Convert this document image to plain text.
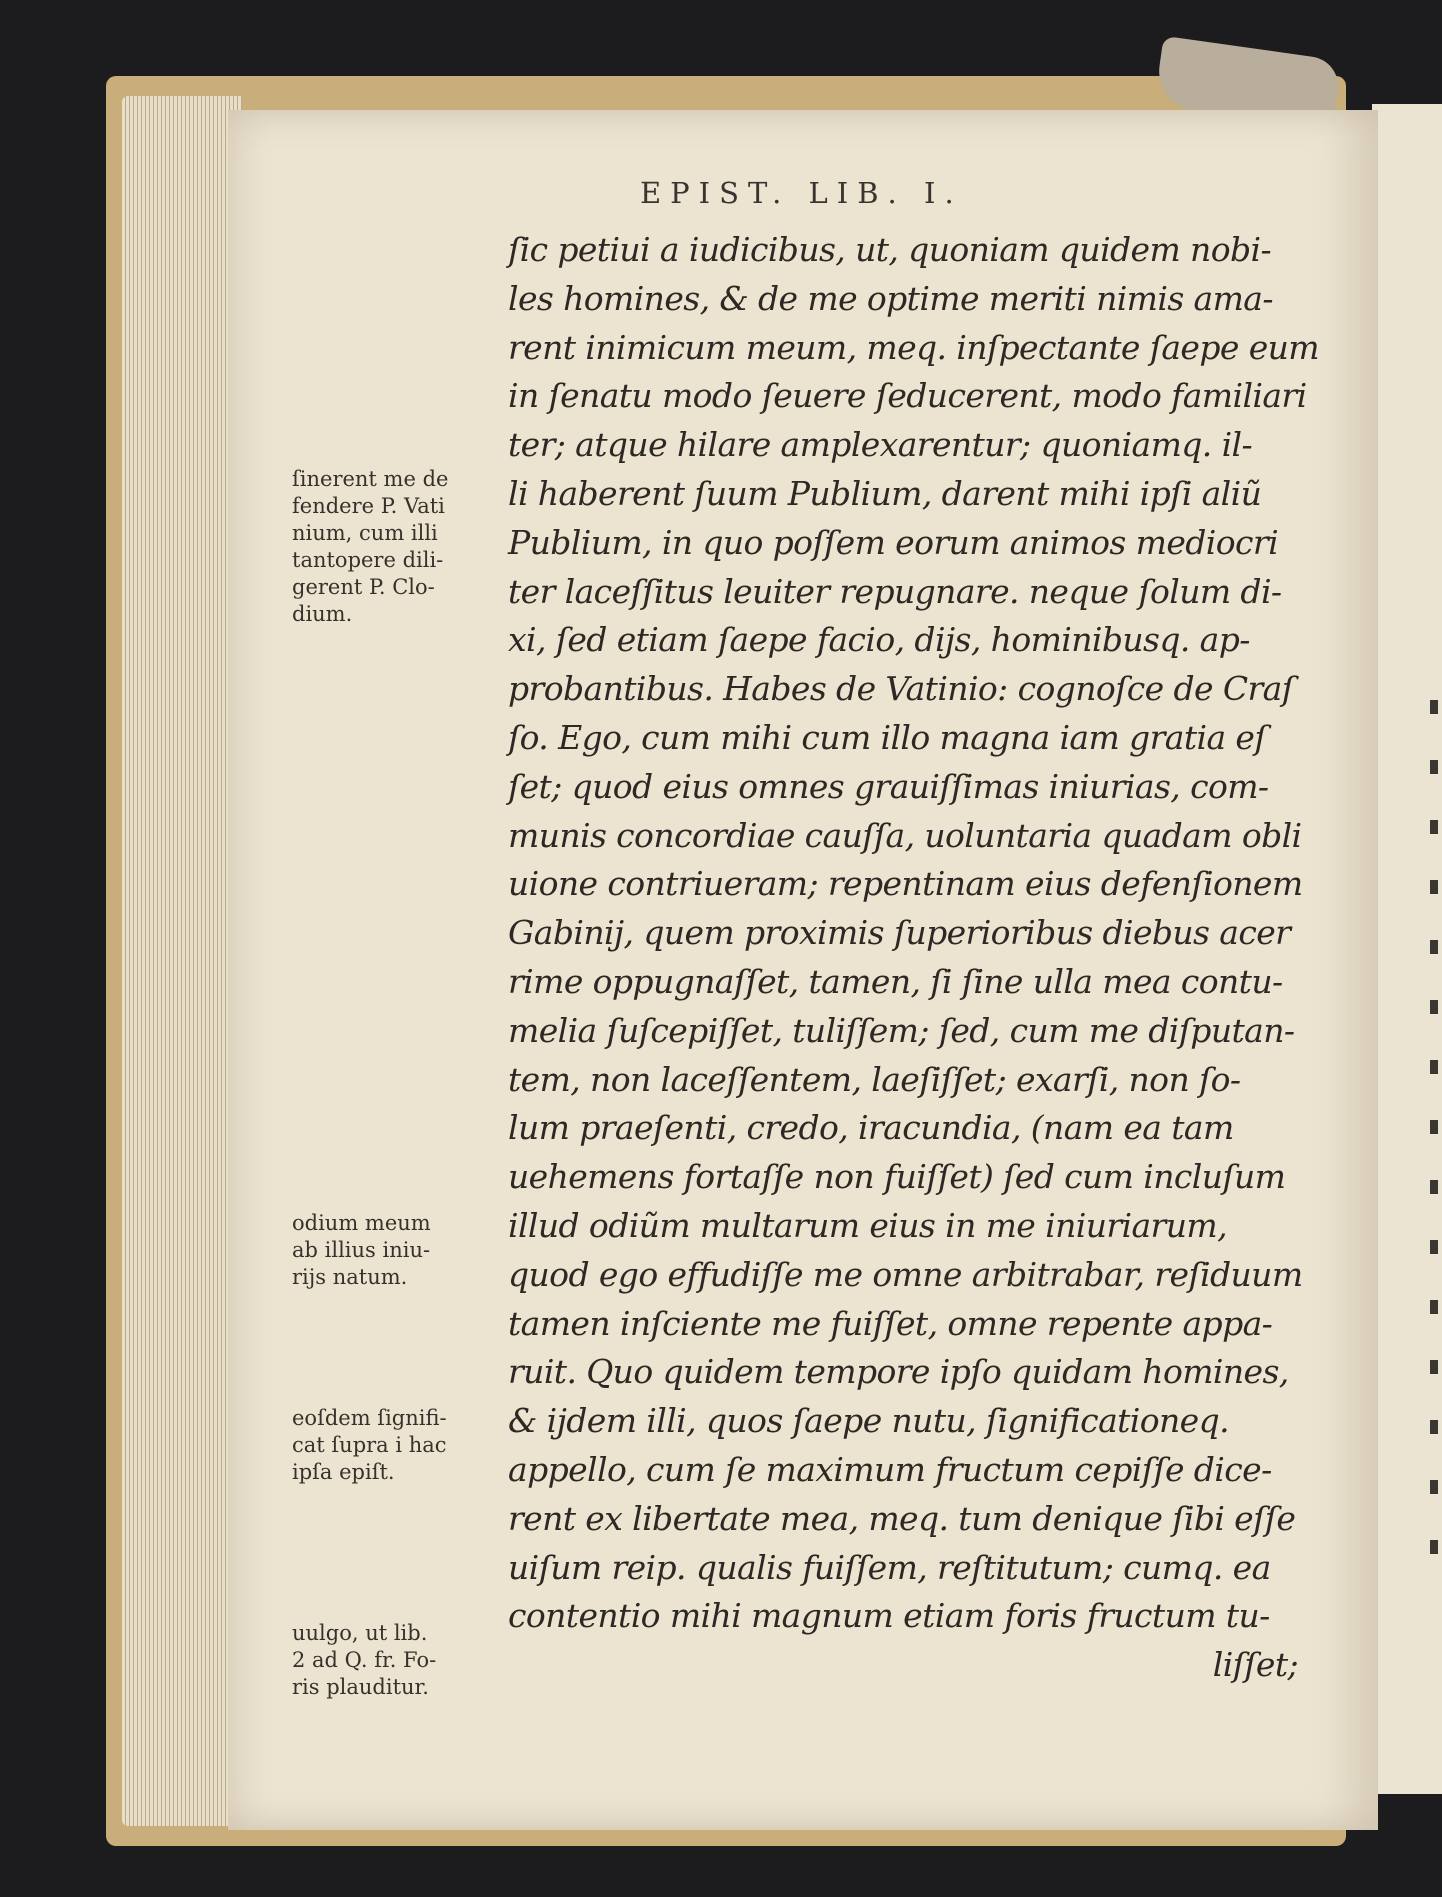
EPIST. LIB. I.
ſic petiui a iudicibus, ut, quoniam quidem nobi-
les homines, & de me optime meriti nimis ama-
rent inimicum meum, meq. inſpectante ſaepe eum
in ſenatu modo ſeuere ſeducerent, modo familiari
ter; atque hilare amplexarentur; quoniamq. il-
li haberent ſuum Publium, darent mihi ipſi aliũ
Publium, in quo poſſem eorum animos mediocri
ter laceſſitus leuiter repugnare. neque ſolum di-
xi, ſed etiam ſaepe facio, dijs, hominibusq. ap-
probantibus. Habes de Vatinio: cognoſce de Craſ
ſo. Ego, cum mihi cum illo magna iam gratia eſ
ſet; quod eius omnes grauiſſimas iniurias, com-
munis concordiae cauſſa, uoluntaria quadam obli
uione contriueram; repentinam eius defenſionem
Gabinij, quem proximis ſuperioribus diebus acer
rime oppugnaſſet, tamen, ſi ſine ulla mea contu-
melia ſuſcepiſſet, tuliſſem; ſed, cum me diſputan-
tem, non laceſſentem, laeſiſſet; exarſi, non ſo-
lum praeſenti, credo, iracundia, (nam ea tam
uehemens fortaſſe non fuiſſet) ſed cum incluſum
illud odiũm multarum eius in me iniuriarum,
quod ego effudiſſe me omne arbitrabar, reſiduum
tamen inſciente me fuiſſet, omne repente appa-
ruit. Quo quidem tempore ipſo quidam homines,
& ijdem illi, quos ſaepe nutu, ſignificationeq.
appello, cum ſe maximum fructum cepiſſe dice-
rent ex libertate mea, meq. tum denique ſibi eſſe
uiſum reip. qualis fuiſſem, reſtitutum; cumq. ea
contentio mihi magnum etiam foris fructum tu-
liſſet;
ſinerent me de
fendere P. Vati
nium, cum illi
tantopere dili-
gerent P. Clo-
dium.
odium meum
ab illius iniu-
rijs natum.
eoſdem ſignifi-
cat ſupra i hac
ipſa epiſt.
uulgo, ut lib.
2 ad Q. fr. Fo-
ris plauditur.
